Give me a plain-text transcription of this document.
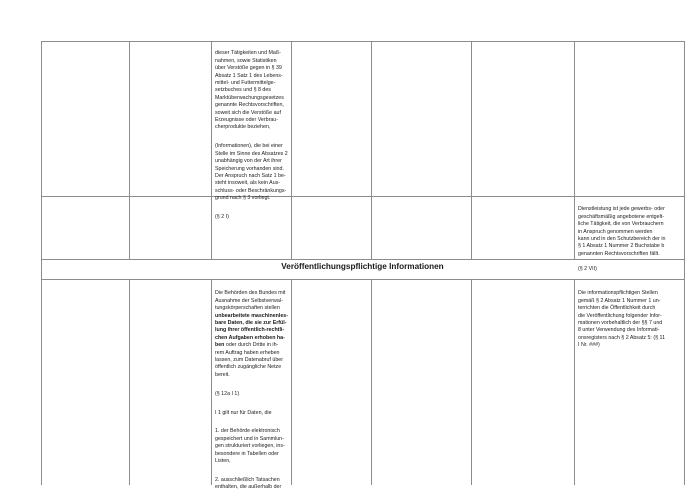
dieser Tätigkeiten und Maß-
nahmen, sowie Statistiken
über Verstöße gegen in § 39
Absatz 1 Satz 1 des Lebens-
mittel- und Futtermittelge-
setzbuches und § 8 des
Marktüberwachungsgesetzes
genannte Rechtsvorschriften,
soweit sich die Verstöße auf
Erzeugnisse oder Verbrau-
cherprodukte beziehen,

(Informationen), die bei einer
Stelle im Sinne des Absatzes 2
unabhängig von der Art ihrer
Speicherung vorhanden sind.
Der Anspruch nach Satz 1 be-
steht insoweit, als kein Aus-
schluss- oder Beschränkungs-
grund nach § 3 vorliegt.

(§ 2 I)

Dienstleistung ist jede gewerbs- oder
geschäftsmäßig angebotene entgelt-
liche Tätigkeit, die von Verbrauchern
in Anspruch genommen werden
kann und in den Schutzbereich der in
§ 1 Absatz 1 Nummer 2 Buchstabe b
genannten Rechtsvorschriften fällt.

(§ 2 VII)

Veröffentlichungspflichtige Informationen

Die Behörden des Bundes mit
Ausnahme der Selbstverwal-
tungskörperschaften stellen
unbearbeitete maschinenles-
bare Daten, die sie zur Erfül-
lung ihrer öffentlich-rechtli-
chen Aufgaben erhoben ha-
ben oder durch Dritte in ih-
rem Auftrag haben erheben
lassen, zum Datenabruf über
öffentlich zugängliche Netze
bereit.

(§ 12a I 1)

I 1 gilt nur für Daten, die

1. der Behörde elektronisch
gespeichert und in Sammlun-
gen strukturiert vorliegen, ins-
besondere in Tabellen oder
Listen,

2. ausschließlich Tatsachen
enthalten, die außerhalb der

Die informationspflichtigen Stellen
gemäß § 2 Absatz 1 Nummer 1 un-
terrichten die Öffentlichkeit durch
die Veröffentlichung folgender Infor-
mationen vorbehaltlich der §§ 7 und
8 unter Verwendung des Informati-
onsregisters nach § 2 Absatz 5: (§ 11
I Nr. ###)
